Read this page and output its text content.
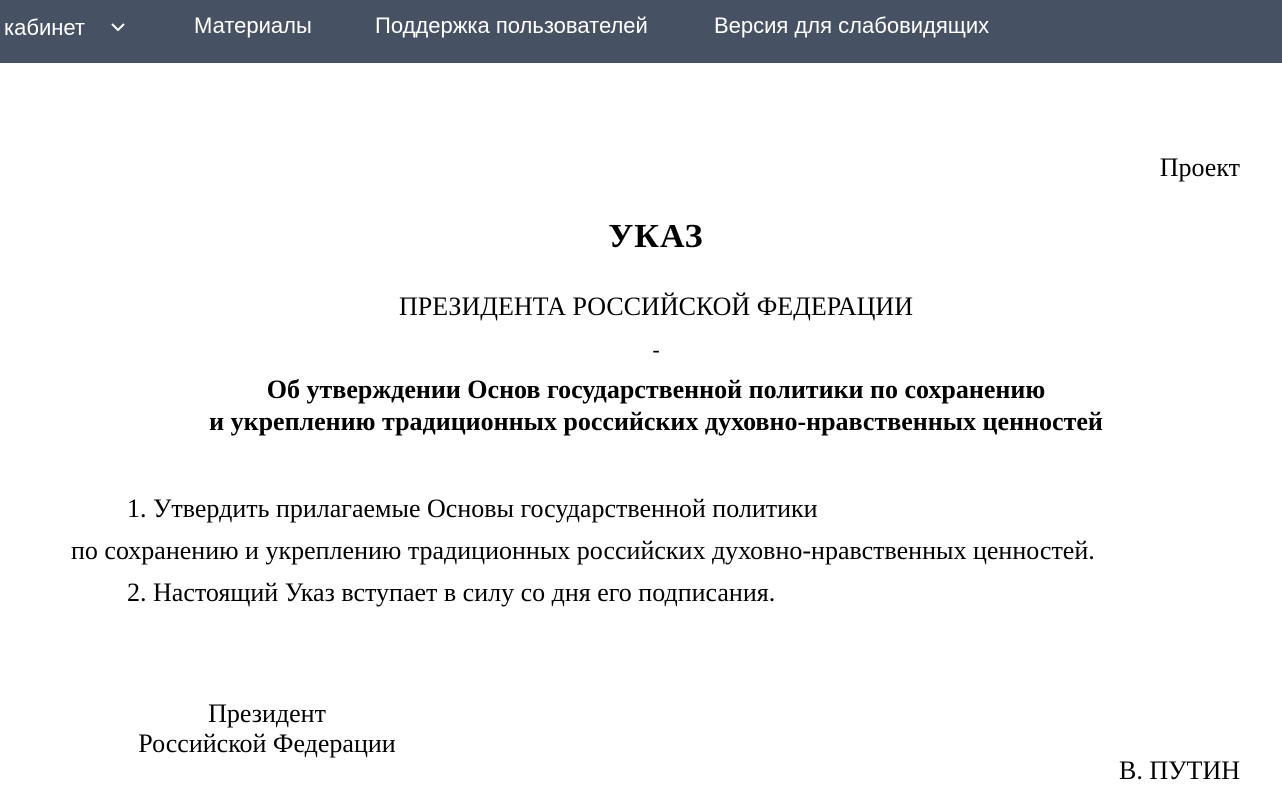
кабинет	Материалы	Поддержка пользователей	Версия для слабовидящих
Проект
УКАЗ
ПРЕЗИДЕНТА РОССИЙСКОЙ ФЕДЕРАЦИИ
-
Об утверждении Основ государственной политики по сохранению
и укреплению традиционных российских духовно-нравственных ценностей
1. Утвердить прилагаемые Основы государственной политики
по сохранению и укреплению традиционных российских духовно-нравственных ценностей.
2. Настоящий Указ вступает в силу со дня его подписания.
Президент
Российской Федерации
В. ПУТИН
